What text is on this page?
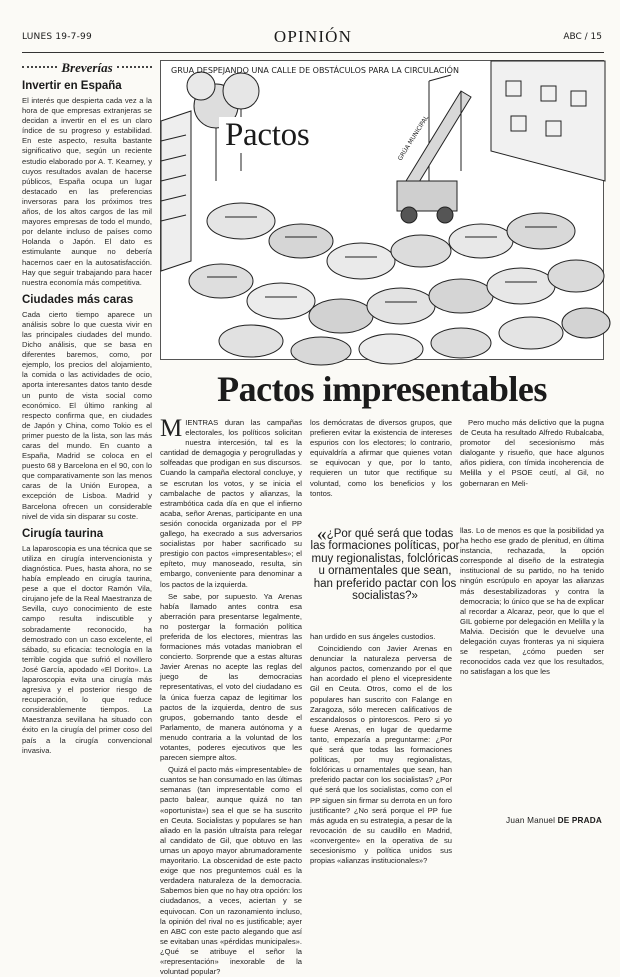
LUNES 19-7-99	OPINIÓN	ABC / 15
Breverías
Invertir en España

El interés que despierta cada vez a la hora de que empresas extranjeras se decidan a invertir en el es un claro índice de su progreso y estabilidad. En este aspecto, resulta bastante significativo que, según un reciente estudio elaborado por A. T. Kearney, y cuyos resultados avalan de hacerse públicos, España ocupa un lugar destacado en las preferencias inversoras para los próximos tres años, de los altos cargos de las mil mayores empresas de todo el mundo, por delante incluso de países como Holanda o Japón. El dato es estimulante aunque no debería hacernos caer en la autosatisfacción. Hay que seguir trabajando para hacer nuestra economía más competitiva.

Ciudades más caras

Cada cierto tiempo aparece un análisis sobre lo que cuesta vivir en las principales ciudades del mundo. Dicho análisis, que se basa en diferentes baremos, como, por ejemplo, los precios del alojamiento, la comida o las actividades de ocio, aporta interesantes datos tanto desde un punto de vista social como económico. El último ranking al respecto confirma que, en ciudades de Japón y China, como Tokio es el primer puesto de la lista, son las más caras del mundo. En cuanto a España, Madrid se coloca en el puesto 68 y Barcelona en el 90, con lo que comparativamente son las menos caras de la Unión Europea, a excepción de Lisboa. Madrid y Barcelona ofrecen un considerable nivel de vida sin disparar su coste.

Cirugía taurina

La laparoscopia es una técnica que se utiliza en cirugía intervencionista y diagnóstica. Pues, hasta ahora, no se había empleado en cirugía taurina, pese a que el doctor Ramón Vila, cirujano jefe de la Real Maestranza de Sevilla, cuyo conocimiento de este campo resulta indiscutible y sobradamente reconocido, ha demostrado con un caso excelente, el sábado, su eficacia: tecnología en la terrible cogida que sufrió el novillero José García, apodado «El Dorito». La laparoscopia evita una cirugía más agresiva y el posterior riesgo de recuperación, lo que reduce considerablemente tiempos. La Maestranza sevillana ha situado con éxito en la cirugía del primer coso del país a la cirugía convencional invasiva.

GRUA DESPEJANDO UNA CALLE DE OBSTÁCULOS PARA LA CIRCULACIÓN
GRÚA MUNICIPAL
Pactos
Pactos impresentables

MIENTRAS duran las campañas electorales, los políticos solicitan nuestra intercesión, tal es la cantidad de demagogia y perogrulladas y solfeadas que prodigan en sus discursos. Cuando la campaña electoral concluye, y se escrutan los votos, y se inicia el cambalache de pactos y alianzas, la estrambótica cada día en que el infierno acaba, señor Arenas, participante en una sesión conocida organizada por el PP gallego, ha execrado a sus adversarios socialistas por haber sacrificado su prestigio con pactos «impresentables»; el epíteto, muy manoseado, resulta, sin embargo, conveniente para denominar a los pactos de la izquierda.

Se sabe, por supuesto. Ya Arenas había llamado antes contra esa aberración para presentarse legalmente, no postergar la formación política preferida de los electores, mientras las formaciones más votadas maniobran el concierto. Sorprende que a estas alturas Javier Arenas no acepte las reglas del juego de las democracias representativas, el voto del ciudadano es la única fuerza capaz de legitimar los pactos de la izquierda, dentro de sus grupos, gobernando tanto desde el Parlamento, de manera autónoma y a menudo contraria a la voluntad de los votantes, poderes ejecutivos que les parecen siempre altos.

Quizá el pacto más «impresentable» de cuantos se han consumado en las últimas semanas (tan impresentable como el pacto balear, aunque quizá no tan «oportunista») sea el que se ha suscrito en Ceuta. Socialistas y populares se han aliado en la pasión ultraísta para relegar al candidato de Gil, que obtuvo en las urnas un apoyo mayor abrumadoramente mayoritario. La obscenidad de este pacto exige que nos preguntemos cuál es la verdadera naturaleza de la democracia. Sabemos bien que no hay otra opción: los ciudadanos, a veces, aciertan y se equivocan. Con un razonamiento incluso, la opinión del rival no es justificable; ayer en ABC con este pacto alegando que así se evitaban unas «pérdidas municipales». ¿Qué se atribuye el señor la «representación» inexorable de la voluntad popular?

los demócratas de diversos grupos, que prefieren evitar la existencia de intereses espurios con los electores; lo contrario, equivaldría a afirmar que quienes votan se equivocan y que, por lo tanto, requieren un tutor que rectifique su voluntad, como los beneficios y los tontos.

«¿Por qué será que todas las formaciones políticas, por muy regionalistas, folclóricas u ornamentales que sean, han preferido pactar con los socialistas?»

han urdido en sus ángeles custodios.

Coincidiendo con Javier Arenas en denunciar la naturaleza perversa de algunos pactos, comenzando por el que han acordado el pleno el vicepresidente Gil en Ceuta. Otros, como el de los populares han suscrito con Falange en Zaragoza, sólo merecen calificativos de escandalosos o pintorescos. Pero si yo fuese Arenas, en lugar de quedarme tanto, empezaría a preguntarme: ¿Por qué será que todas las formaciones políticas, por muy regionalistas, folclóricas u ornamentales que sean, han preferido pactar con los socialistas? ¿Por qué será que los socialistas, como con el PP siguen sin firmar su derrota en un foro justificante? ¿No será porque el PP fue más aguda en su estrategia, a pesar de la revocación de su caudillo en Madrid, «convergente» en la operativa de su secesionismo y política unidos sus propias «alianzas institucionales»?

Pero mucho más delictivo que la pugna de Ceuta ha resultado Alfredo Rubalcaba, promotor del secesionismo más dialogante y risueño, que hace algunos años pidiera, con tímida incoherencia de Melilla y el PSOE ceutí, al Gil, no gobernaran en Meli-

llas. Lo de menos es que la posibilidad ya ha hecho ese grado de plenitud, en última instancia, rechazada, la opción corresponde al diseño de la estrategia institucional de su partido, no ha tenido ningún escrúpulo en apoyar las alianzas más desestabilizadoras y contra la democracia; lo único que se ha de explicar al recordar a Alcaraz, peor, que lo que el GIL gobierne por delegación en Melilla y la Malvia. Decisión que le devuelve una delegación cuyas fronteras ya ni siquiera se respetan, ¿cómo pueden ser reconocidos cada vez que los resultados, no satisfagan a los que les

Juan Manuel DE PRADA
